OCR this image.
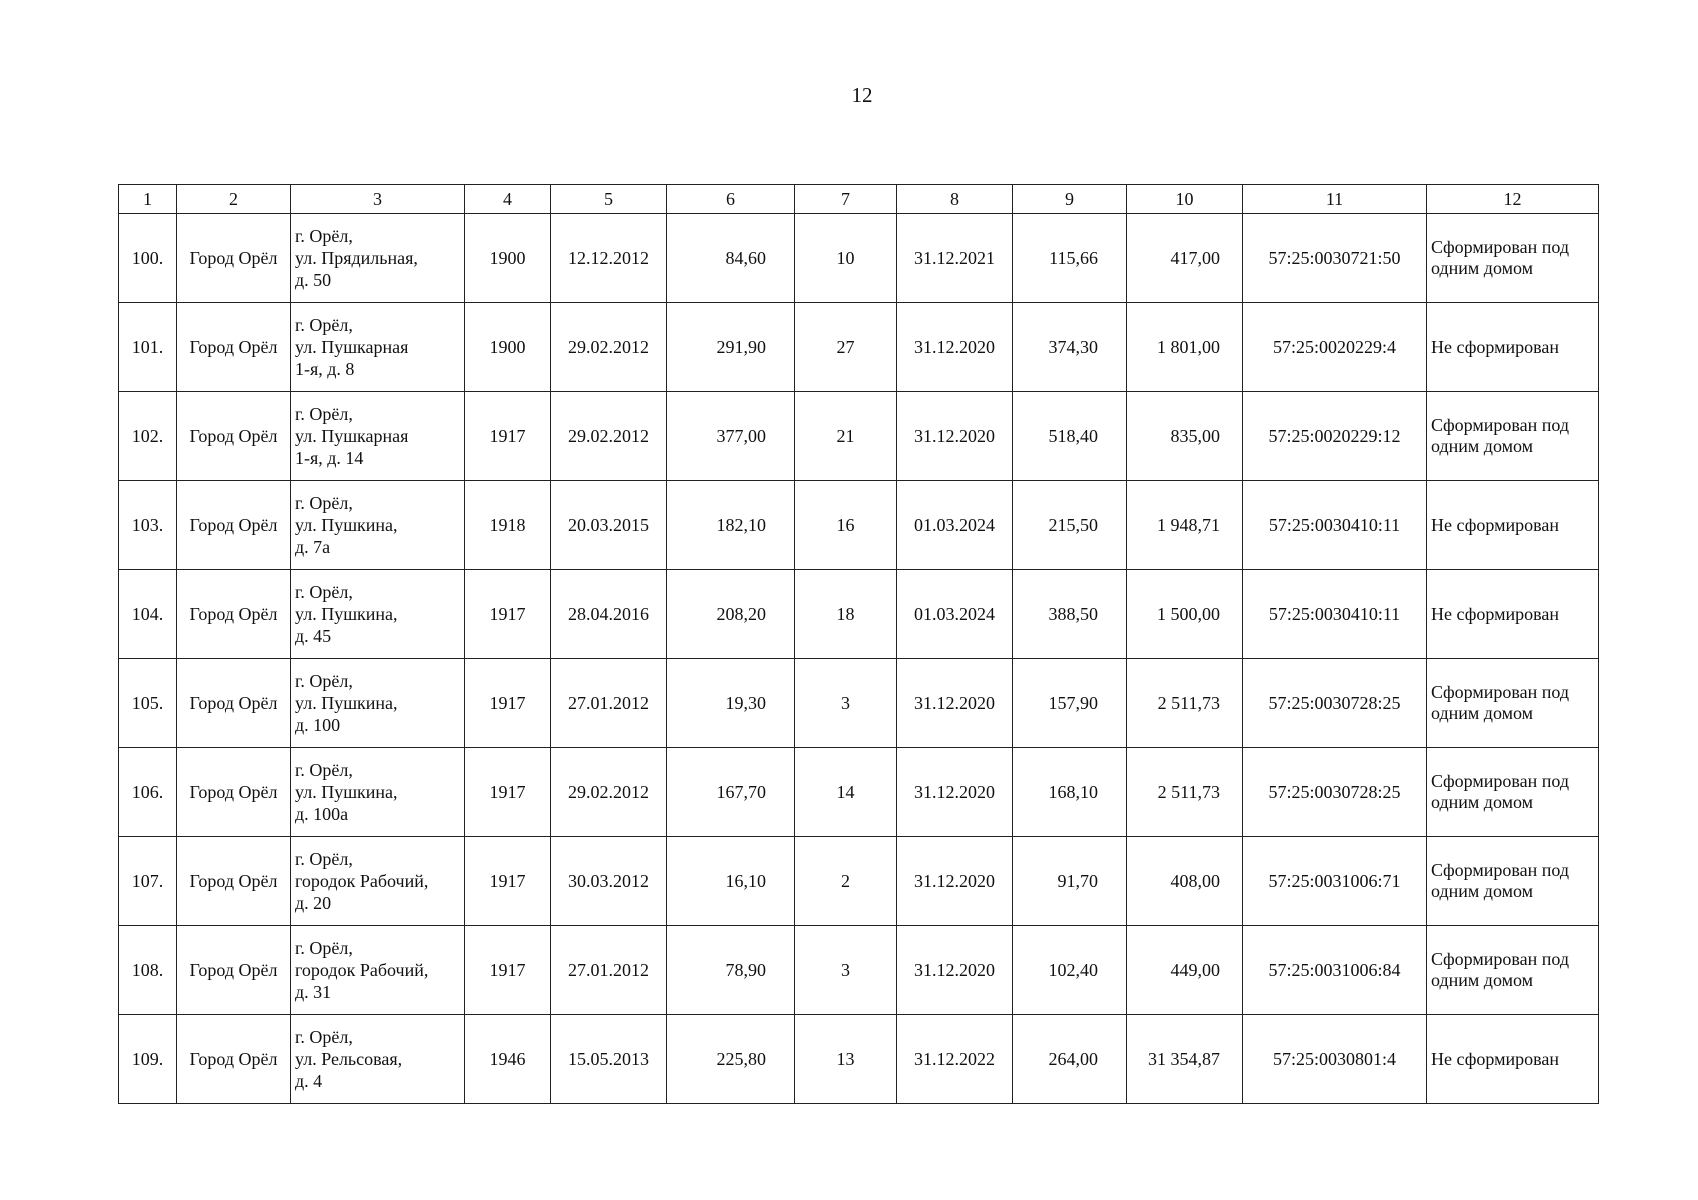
12
1	2	3	4	5	6	7	8	9	10	11	12
100.	Город Орёл	г. Орёл,
ул. Прядильная,
д. 50	1900	12.12.2012	84,60	10	31.12.2021	115,66	417,00	57:25:0030721:50	Сформирован под
одним домом

101.	Город Орёл	г. Орёл,
ул. Пушкарная
1-я, д. 8	1900	29.02.2012	291,90	27	31.12.2020	374,30	1 801,00	57:25:0020229:4	Не сформирован

102.	Город Орёл	г. Орёл,
ул. Пушкарная
1-я, д. 14	1917	29.02.2012	377,00	21	31.12.2020	518,40	835,00	57:25:0020229:12	Сформирован под
одним домом

103.	Город Орёл	г. Орёл,
ул. Пушкина,
д. 7а	1918	20.03.2015	182,10	16	01.03.2024	215,50	1 948,71	57:25:0030410:11	Не сформирован

104.	Город Орёл	г. Орёл,
ул. Пушкина,
д. 45	1917	28.04.2016	208,20	18	01.03.2024	388,50	1 500,00	57:25:0030410:11	Не сформирован

105.	Город Орёл	г. Орёл,
ул. Пушкина,
д. 100	1917	27.01.2012	19,30	3	31.12.2020	157,90	2 511,73	57:25:0030728:25	Сформирован под
одним домом

106.	Город Орёл	г. Орёл,
ул. Пушкина,
д. 100а	1917	29.02.2012	167,70	14	31.12.2020	168,10	2 511,73	57:25:0030728:25	Сформирован под
одним домом

107.	Город Орёл	г. Орёл,
городок Рабочий,
д. 20	1917	30.03.2012	16,10	2	31.12.2020	91,70	408,00	57:25:0031006:71	Сформирован под
одним домом

108.	Город Орёл	г. Орёл,
городок Рабочий,
д. 31	1917	27.01.2012	78,90	3	31.12.2020	102,40	449,00	57:25:0031006:84	Сформирован под
одним домом

109.	Город Орёл	г. Орёл,
ул. Рельсовая,
д. 4	1946	15.05.2013	225,80	13	31.12.2022	264,00	31 354,87	57:25:0030801:4	Не сформирован
